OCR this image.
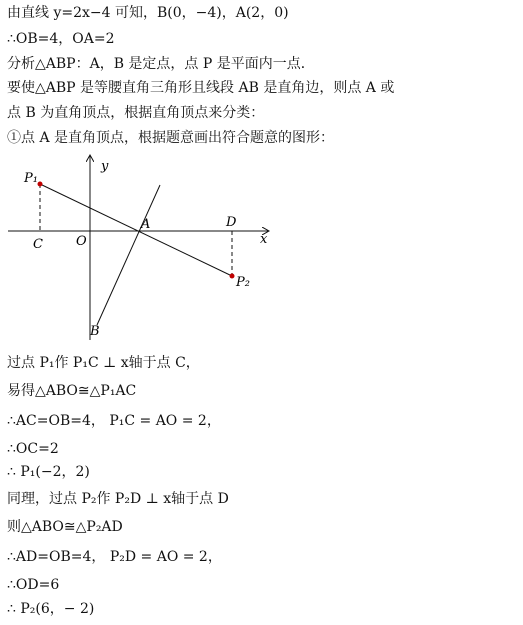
由直线 y=2x−4 可知，B(0，−4)，A(2，0)
∴OB=4，OA=2
分析△ABP：A，B 是定点，点 P 是平面内一点．
要使△ABP 是等腰直角三角形且线段 AB 是直角边，则点 A 或
点 B 为直角顶点，根据直角顶点来分类：
①点 A 是直角顶点，根据题意画出符合题意的图形：
y
x
P₁
C	O
A	D
P₂
B
过点 P₁作 P₁C ⊥ x轴于点 C，
易得△ABO≅△P₁AC
∴AC=OB=4， P₁C = AO = 2，
∴OC=2
∴ P₁(−2，2)
同理，过点 P₂作 P₂D ⊥ x轴于点 D
则△ABO≅△P₂AD
∴AD=OB=4， P₂D = AO = 2，
∴OD=6
∴ P₂(6，− 2)
